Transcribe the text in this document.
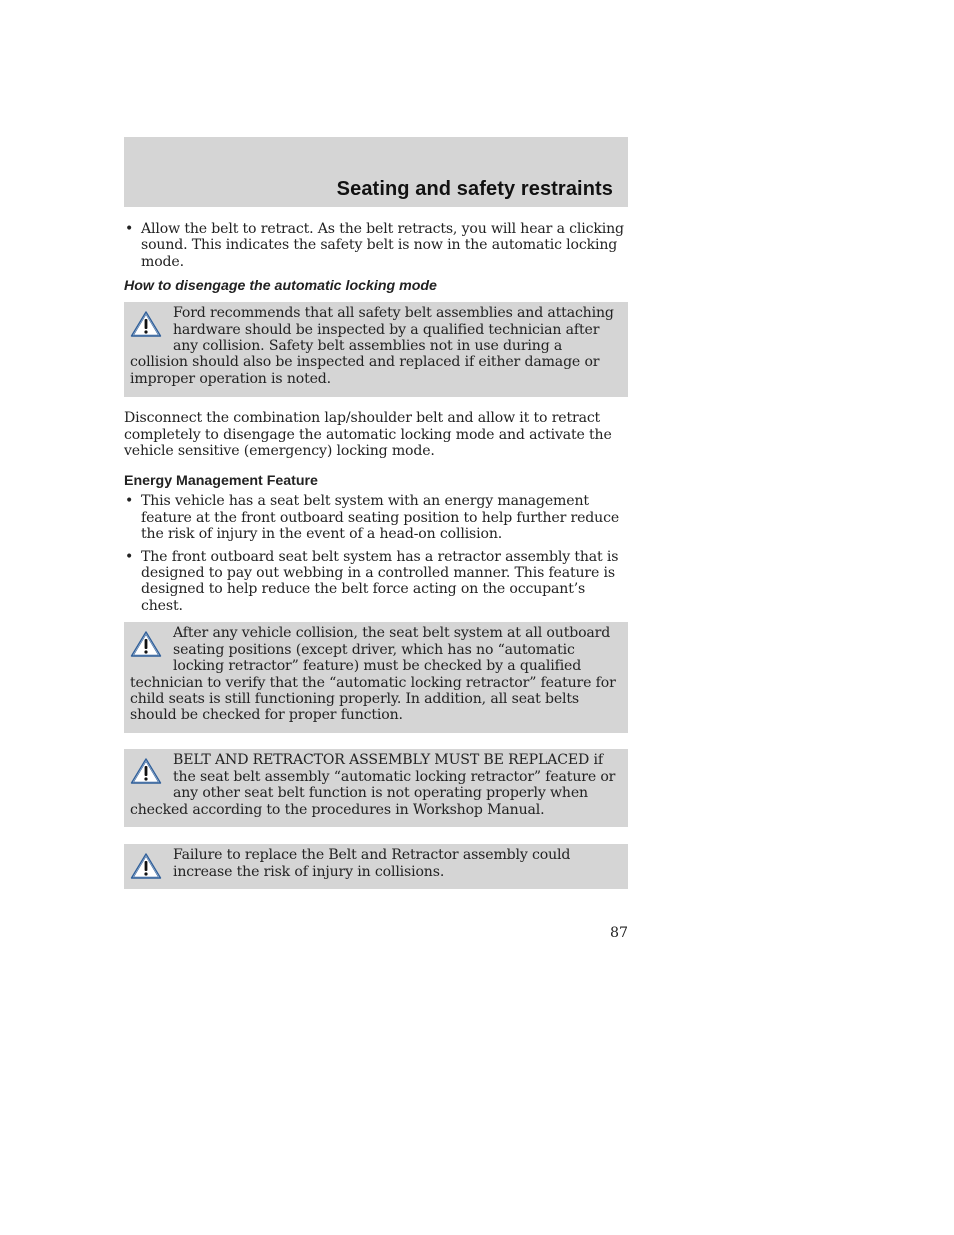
Seating and safety restraints
• Allow the belt to retract. As the belt retracts, you will hear a clicking sound. This indicates the safety belt is now in the automatic locking mode.
How to disengage the automatic locking mode
Ford recommends that all safety belt assemblies and attaching hardware should be inspected by a qualified technician after any collision. Safety belt assemblies not in use during a collision should also be inspected and replaced if either damage or improper operation is noted.

Disconnect the combination lap/shoulder belt and allow it to retract completely to disengage the automatic locking mode and activate the vehicle sensitive (emergency) locking mode.

Energy Management Feature
• This vehicle has a seat belt system with an energy management feature at the front outboard seating position to help further reduce the risk of injury in the event of a head-on collision.
• The front outboard seat belt system has a retractor assembly that is designed to pay out webbing in a controlled manner. This feature is designed to help reduce the belt force acting on the occupant’s chest.
After any vehicle collision, the seat belt system at all outboard seating positions (except driver, which has no “automatic locking retractor” feature) must be checked by a qualified technician to verify that the “automatic locking retractor” feature for child seats is still functioning properly. In addition, all seat belts should be checked for proper function.
BELT AND RETRACTOR ASSEMBLY MUST BE REPLACED if the seat belt assembly “automatic locking retractor” feature or any other seat belt function is not operating properly when checked according to the procedures in Workshop Manual.
Failure to replace the Belt and Retractor assembly could increase the risk of injury in collisions.
87
